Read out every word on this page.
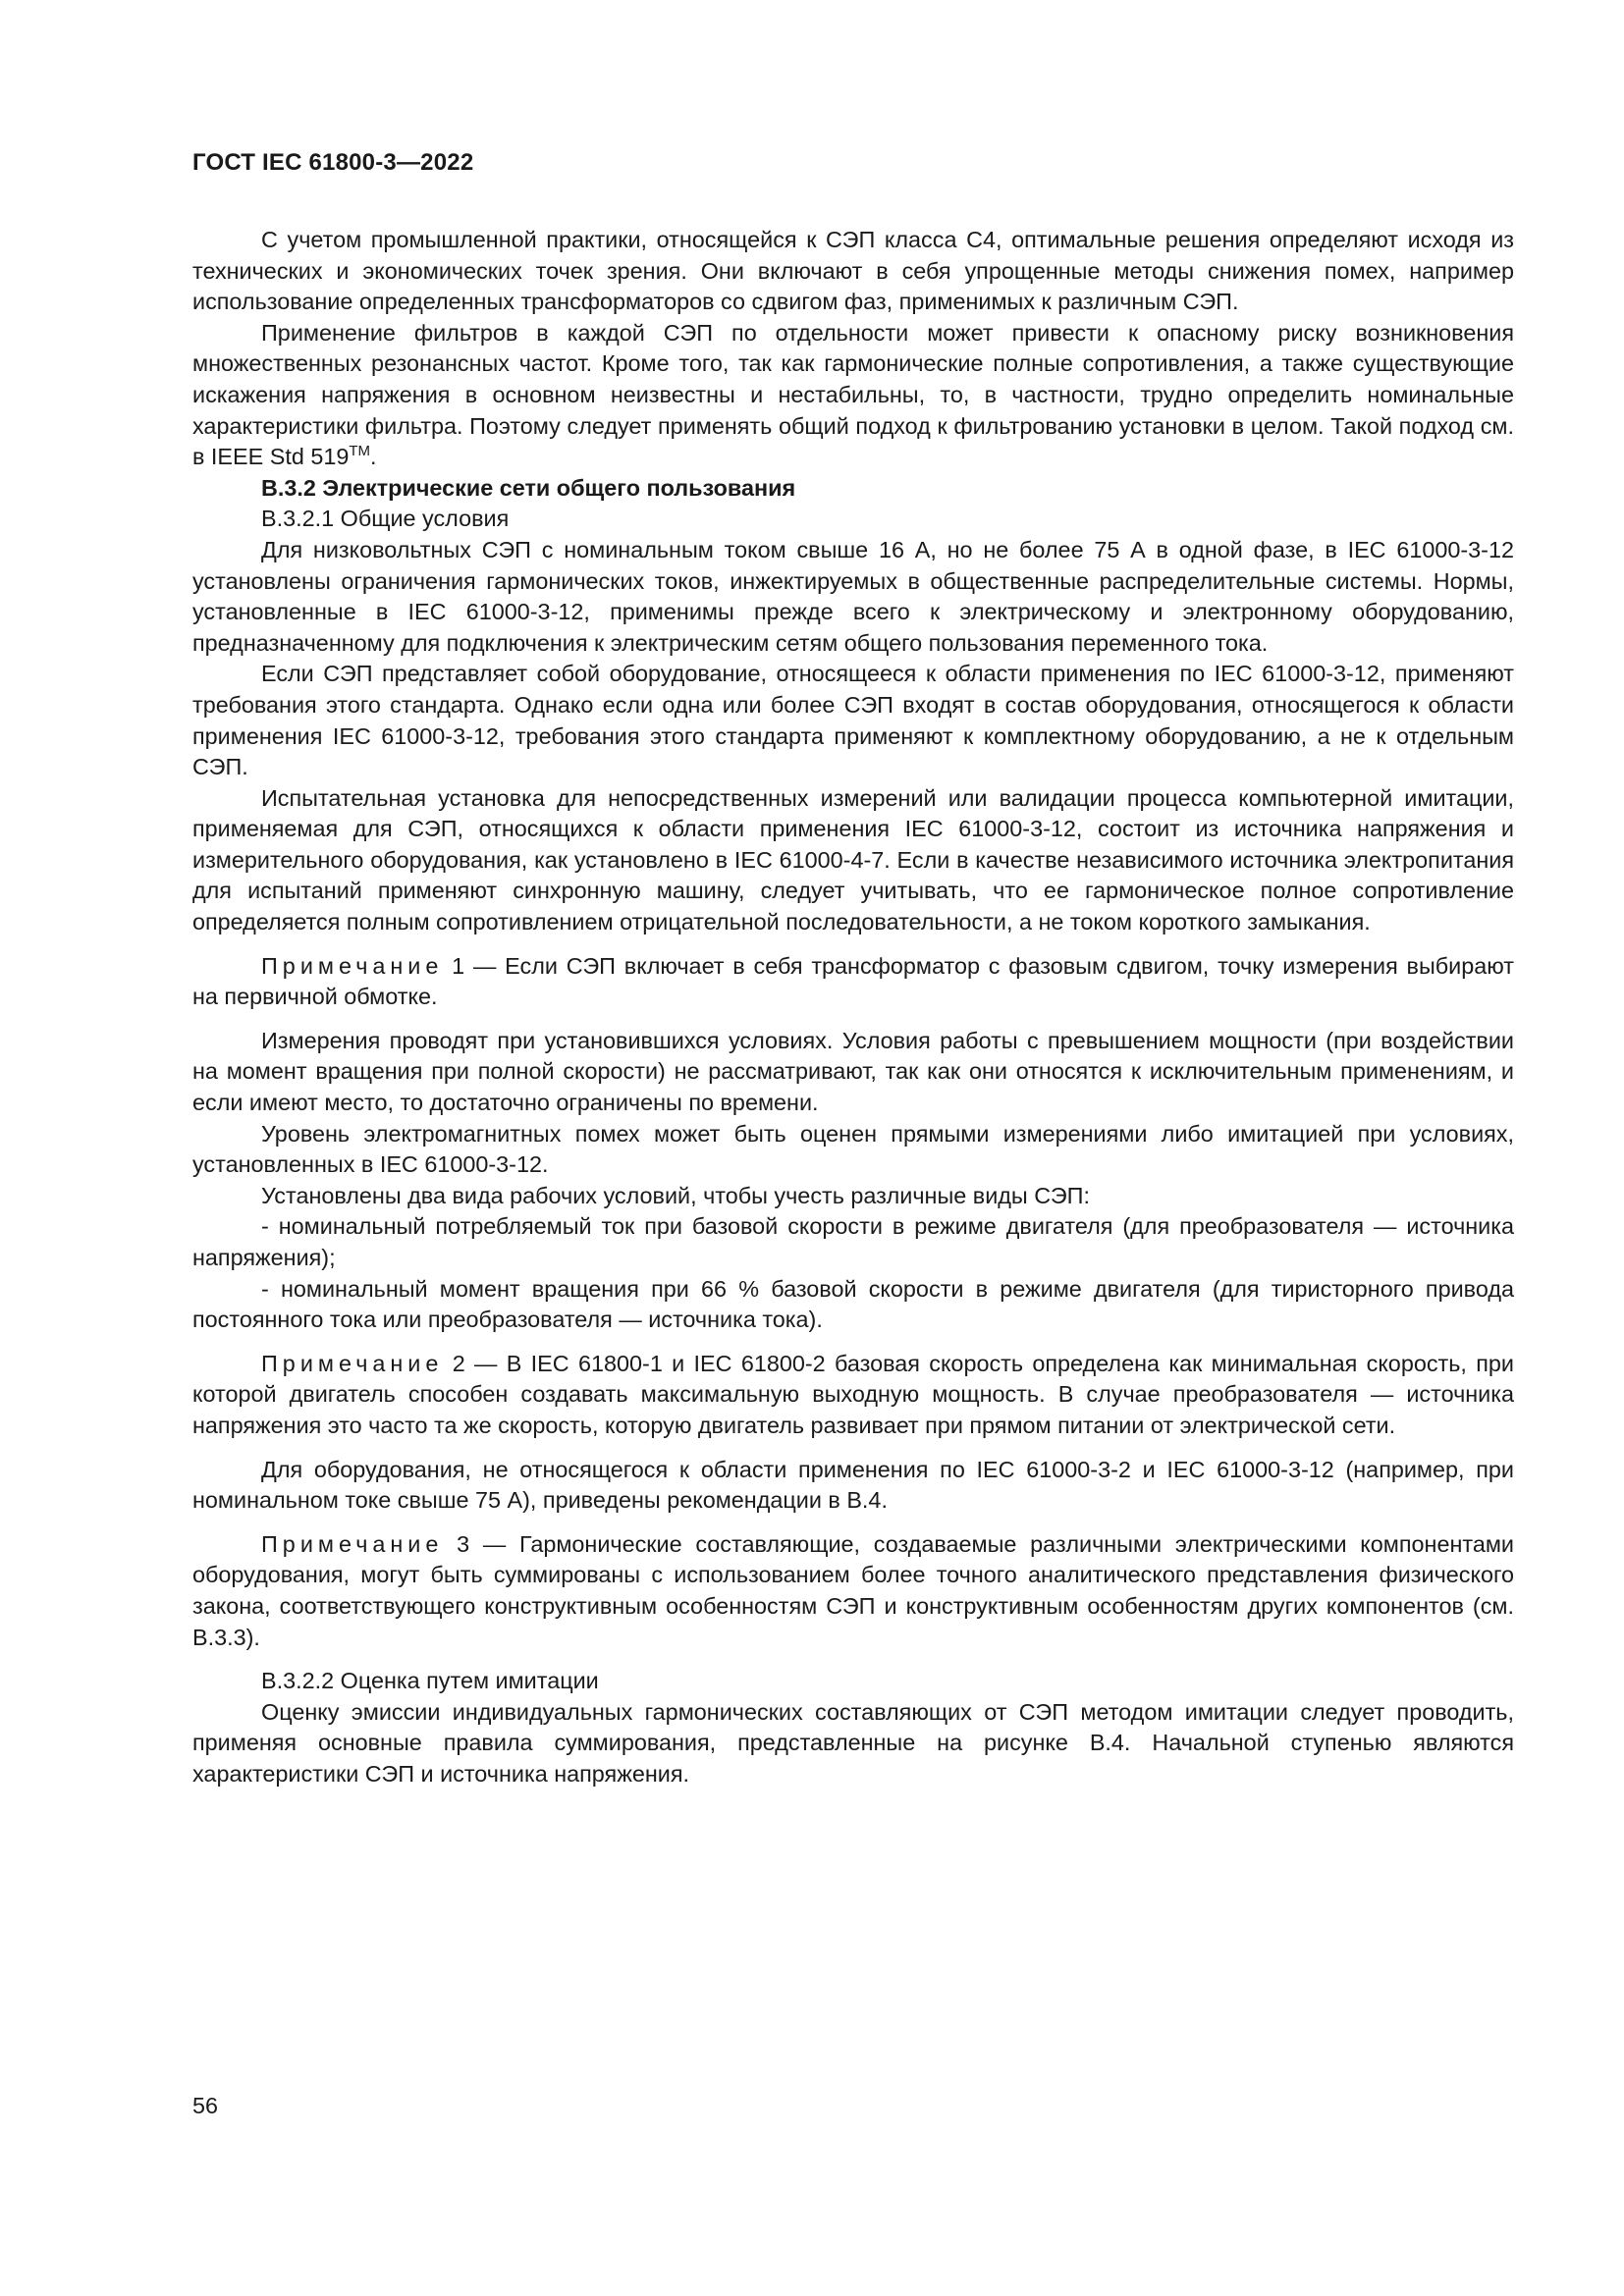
ГОСТ IEC 61800-3—2022

С учетом промышленной практики, относящейся к СЭП класса С4, оптимальные решения определяют исходя из технических и экономических точек зрения. Они включают в себя упрощенные методы снижения помех, например использование определенных трансформаторов со сдвигом фаз, применимых к различным СЭП.

Применение фильтров в каждой СЭП по отдельности может привести к опасному риску возникновения множественных резонансных частот. Кроме того, так как гармонические полные сопротивления, а также существующие искажения напряжения в основном неизвестны и нестабильны, то, в частности, трудно определить номинальные характеристики фильтра. Поэтому следует применять общий подход к фильтрованию установки в целом. Такой подход см. в IEEE Std 519™.

В.3.2 Электрические сети общего пользования

В.3.2.1 Общие условия

Для низковольтных СЭП с номинальным током свыше 16 А, но не более 75 А в одной фазе, в IEC 61000-3-12 установлены ограничения гармонических токов, инжектируемых в общественные распределительные системы. Нормы, установленные в IEC 61000-3-12, применимы прежде всего к электрическому и электронному оборудованию, предназначенному для подключения к электрическим сетям общего пользования переменного тока.

Если СЭП представляет собой оборудование, относящееся к области применения по IEC 61000-3-12, применяют требования этого стандарта. Однако если одна или более СЭП входят в состав оборудования, относящегося к области применения IEC 61000-3-12, требования этого стандарта применяют к комплектному оборудованию, а не к отдельным СЭП.

Испытательная установка для непосредственных измерений или валидации процесса компьютерной имитации, применяемая для СЭП, относящихся к области применения IEC 61000-3-12, состоит из источника напряжения и измерительного оборудования, как установлено в IEC 61000-4-7. Если в качестве независимого источника электропитания для испытаний применяют синхронную машину, следует учитывать, что ее гармоническое полное сопротивление определяется полным сопротивлением отрицательной последовательности, а не током короткого замыкания.

Примечание 1 — Если СЭП включает в себя трансформатор с фазовым сдвигом, точку измерения выбирают на первичной обмотке.

Измерения проводят при установившихся условиях. Условия работы с превышением мощности (при воздействии на момент вращения при полной скорости) не рассматривают, так как они относятся к исключительным применениям, и если имеют место, то достаточно ограничены по времени.

Уровень электромагнитных помех может быть оценен прямыми измерениями либо имитацией при условиях, установленных в IEC 61000-3-12.

Установлены два вида рабочих условий, чтобы учесть различные виды СЭП:

- номинальный потребляемый ток при базовой скорости в режиме двигателя (для преобразователя — источника напряжения);

- номинальный момент вращения при 66 % базовой скорости в режиме двигателя (для тиристорного привода постоянного тока или преобразователя — источника тока).

Примечание 2 — В IEC 61800-1 и IEC 61800-2 базовая скорость определена как минимальная скорость, при которой двигатель способен создавать максимальную выходную мощность. В случае преобразователя — источника напряжения это часто та же скорость, которую двигатель развивает при прямом питании от электрической сети.

Для оборудования, не относящегося к области применения по IEC 61000-3-2 и IEC 61000-3-12 (например, при номинальном токе свыше 75 А), приведены рекомендации в В.4.

Примечание 3 — Гармонические составляющие, создаваемые различными электрическими компонентами оборудования, могут быть суммированы с использованием более точного аналитического представления физического закона, соответствующего конструктивным особенностям СЭП и конструктивным особенностям других компонентов (см. В.3.3).

В.3.2.2 Оценка путем имитации

Оценку эмиссии индивидуальных гармонических составляющих от СЭП методом имитации следует проводить, применяя основные правила суммирования, представленные на рисунке В.4. Начальной ступенью являются характеристики СЭП и источника напряжения.

56
